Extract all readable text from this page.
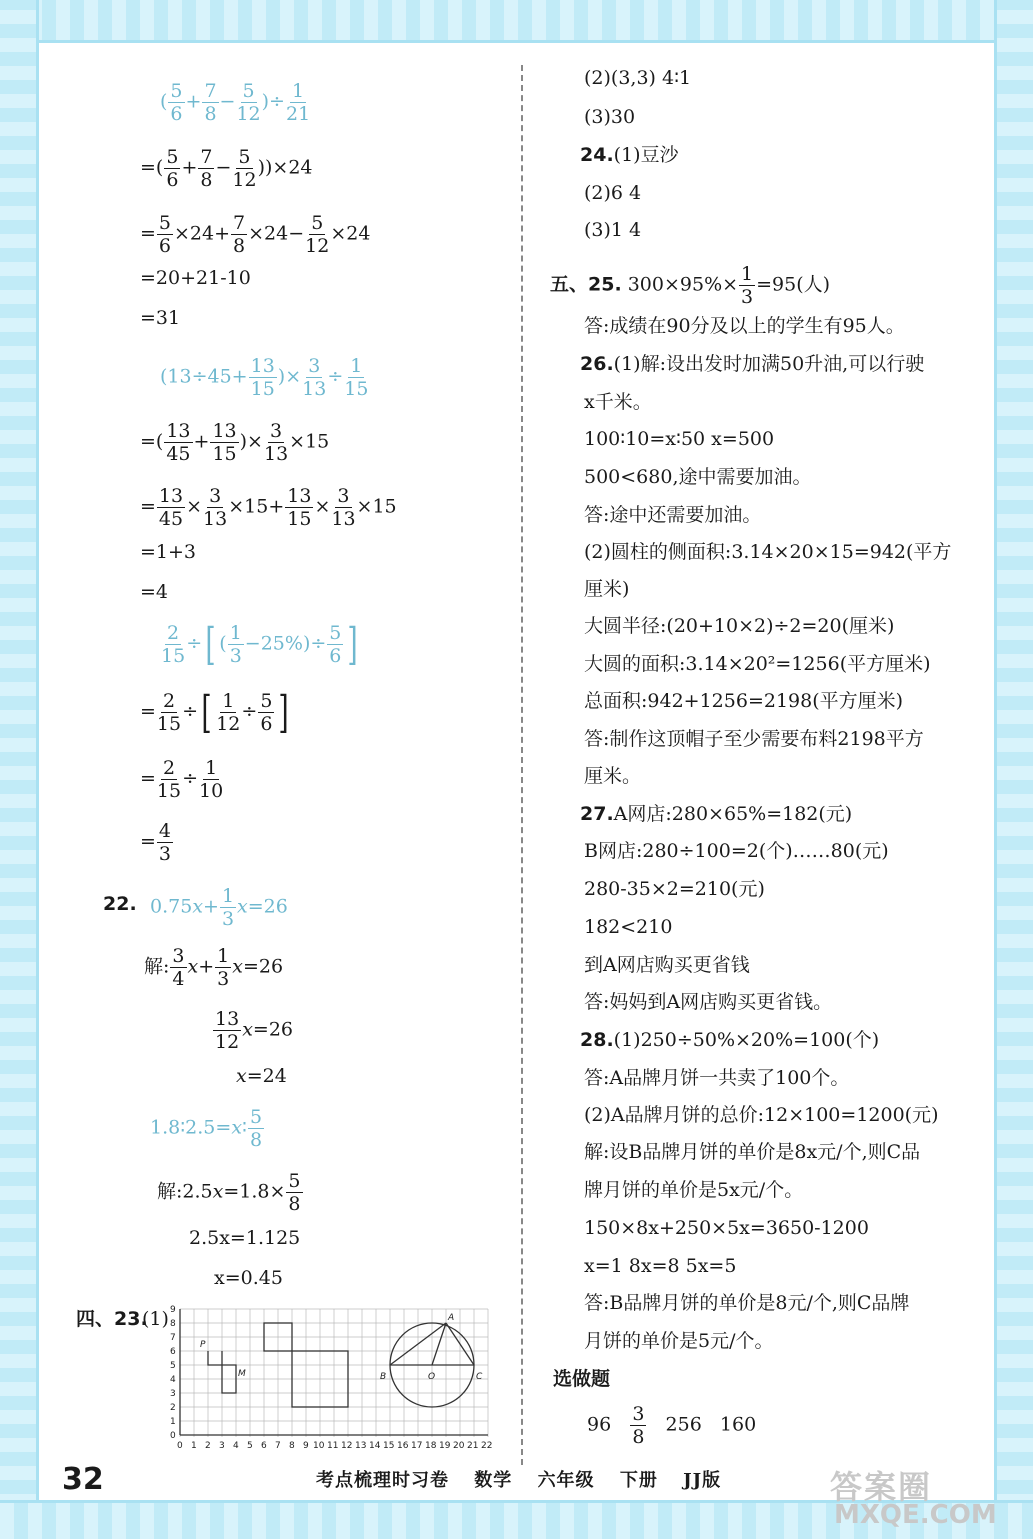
( $\frac{5}{6} + \frac{7}{8} - \frac{5}{12}$ )÷ $\frac{1}{21}$
=( $\frac{5}{6} + \frac{7}{8} - \frac{5}{12} ))\times 24$
= $\frac{5}{6} \times 24+ \frac{7}{8} \times 24- \frac{5}{12} \times 24$
=20+21-10
=31
($13\div 45+ \frac{13}{15}$ )× $\frac{3}{13} \div \frac{1}{15}$
=( $\frac{13}{45} + \frac{13}{15}$ )× $\frac{3}{13} \times 15$
= $\frac{13}{45} \times \frac{3}{13} \times 15+ \frac{13}{15} \times \frac{3}{13} \times 15$
=1+3
=4
$\frac{2}{15}$ ÷[ ( $\frac{1}{3} -25\%)\div \frac{5}{6}$ ]
= $\frac{2}{15}$ ÷[ $\frac{1}{12} \div \frac{5}{6}$ ]
= $\frac{2}{15} \div \frac{1}{10}$
= $\frac{4}{3}$
22. $0.75x+ \frac{1}{3} x=26$
解: $\frac{3}{4} x+ \frac{1}{3} x=26$
$\frac{13}{12} x=26$
x=24
1.8∶2.5=x∶ $\frac{5}{8}$
解:2.5x=1.8× $\frac{5}{8}$
2.5x=1.125
x=0.45
四、23.
(1)
P
M
A
B	O	C
0 1 2 3 4 5 6 7 8 9 10 11 12 13 14 15 16 17 18 19 20 21 22
0
1
2
3
4
5
6
7
8
9
(2)(3,3) 4∶1
(3)30
24.(1)豆沙
(2)6 4
(3)1 4
五、25. $300\times 95\%\times \frac{1}{3} =95$(人)
答:成绩在90分及以上的学生有95人。
26.(1)解:设出发时加满50升油,可以行驶
x千米。
100∶10=x∶50 x=500
500<680,途中需要加油。
答:途中还需要加油。
(2)圆柱的侧面积:3.14×20×15=942(平方
厘米)
大圆半径:(20+10×2)÷2=20(厘米)
大圆的面积:3.14×20²=1256(平方厘米)
总面积:942+1256=2198(平方厘米)
答:制作这顶帽子至少需要布料2198平方
厘米。
27.A网店:280×65%=182(元)
B网店:280÷100=2(个)……80(元)
280-35×2=210(元)
182<210
到A网店购买更省钱
答:妈妈到A网店购买更省钱。
28.(1)250÷50%×20%=100(个)
答:A品牌月饼一共卖了100个。
(2)A品牌月饼的总价:12×100=1200(元)
解:设B品牌月饼的单价是8x元/个,则C品
牌月饼的单价是5x元/个。
150×8x+250×5x=3650-1200
x=1 8x=8 5x=5
答:B品牌月饼的单价是8元/个,则C品牌
月饼的单价是5元/个。
选做题
$96 \frac{3}{8} 256$ 160
32	考点梳理时习卷 数学 六年级 下册 JJ版	答案圈
MXQE.COM
